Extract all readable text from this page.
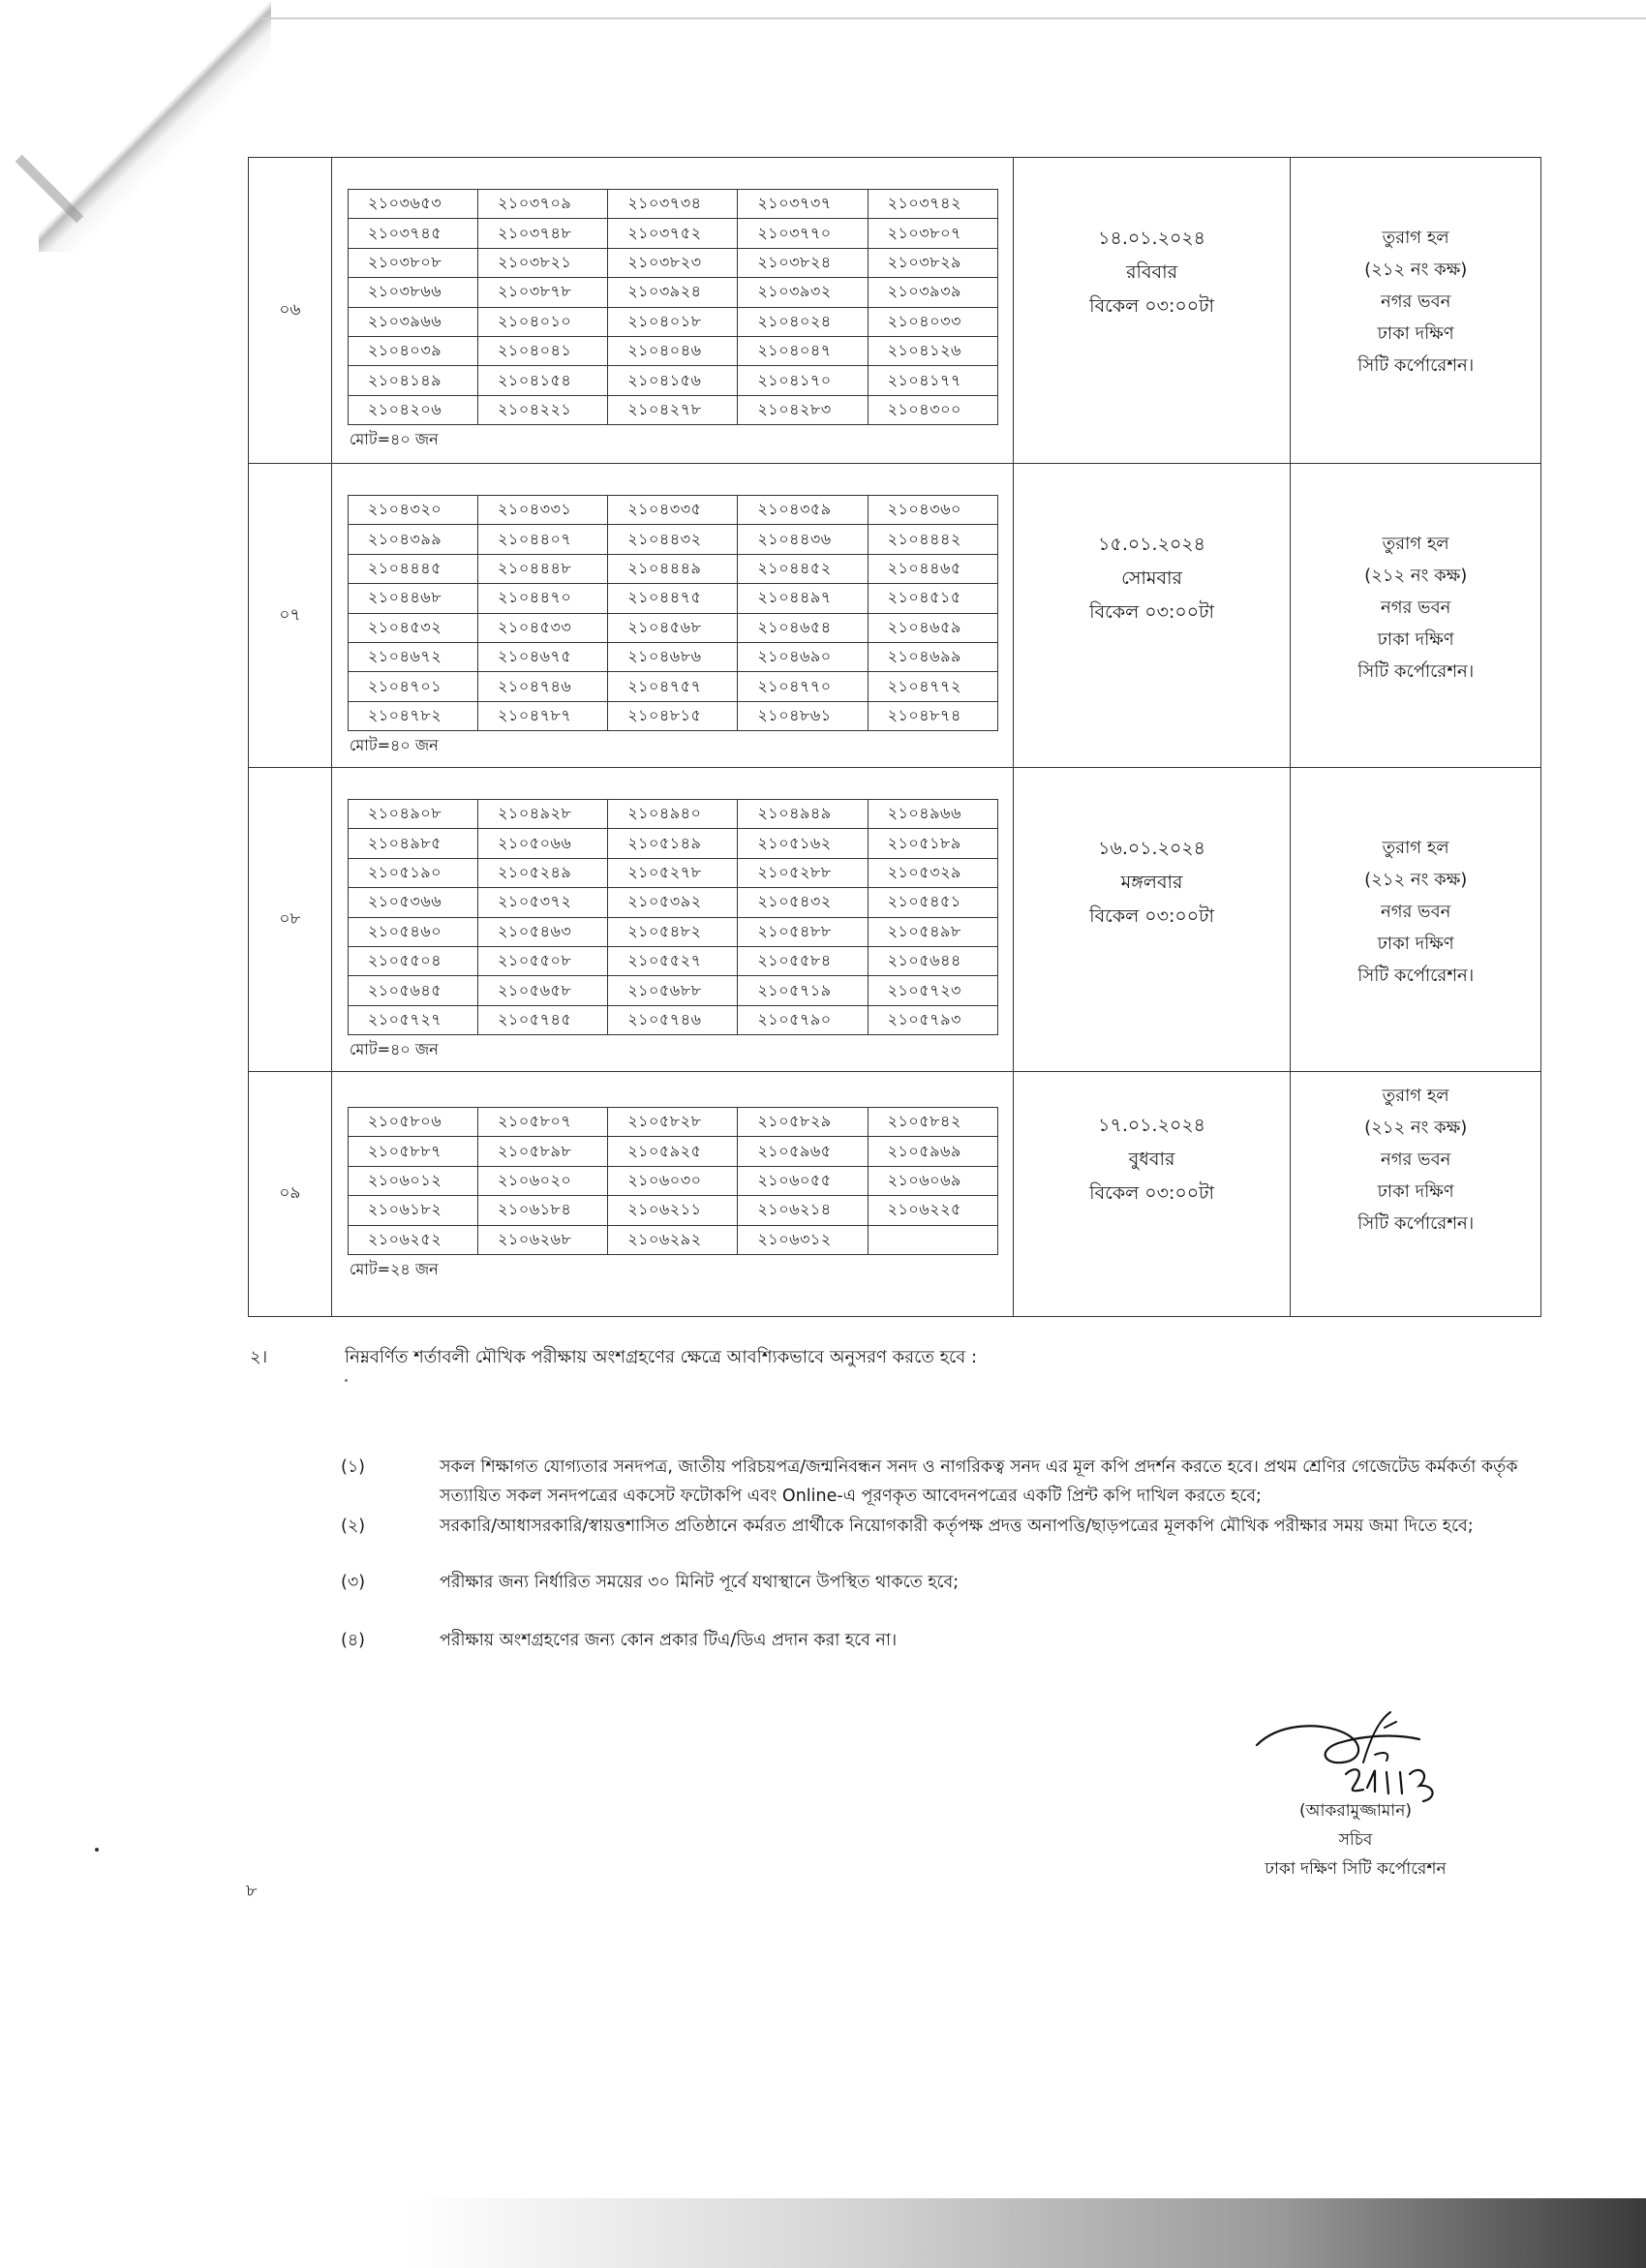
০৬	
২১০৩৬৫৩	২১০৩৭০৯	২১০৩৭৩৪	২১০৩৭৩৭	২১০৩৭৪২
২১০৩৭৪৫	২১০৩৭৪৮	২১০৩৭৫২	২১০৩৭৭০	২১০৩৮০৭
২১০৩৮০৮	২১০৩৮২১	২১০৩৮২৩	২১০৩৮২৪	২১০৩৮২৯
২১০৩৮৬৬	২১০৩৮৭৮	২১০৩৯২৪	২১০৩৯৩২	২১০৩৯৩৯
২১০৩৯৬৬	২১০৪০১০	২১০৪০১৮	২১০৪০২৪	২১০৪০৩৩
২১০৪০৩৯	২১০৪০৪১	২১০৪০৪৬	২১০৪০৪৭	২১০৪১২৬
২১০৪১৪৯	২১০৪১৫৪	২১০৪১৫৬	২১০৪১৭০	২১০৪১৭৭
২১০৪২০৬	২১০৪২২১	২১০৪২৭৮	২১০৪২৮৩	২১০৪৩০০
মোট=৪০ জন

১৪.০১.২০২৪
রবিবার
বিকেল ০৩:০০টা

তুরাগ হল
(২১২ নং কক্ষ)
নগর ভবন
ঢাকা দক্ষিণ
সিটি কর্পোরেশন।

০৭	
২১০৪৩২০	২১০৪৩৩১	২১০৪৩৩৫	২১০৪৩৫৯	২১০৪৩৬০
২১০৪৩৯৯	২১০৪৪০৭	২১০৪৪৩২	২১০৪৪৩৬	২১০৪৪৪২
২১০৪৪৪৫	২১০৪৪৪৮	২১০৪৪৪৯	২১০৪৪৫২	২১০৪৪৬৫
২১০৪৪৬৮	২১০৪৪৭০	২১০৪৪৭৫	২১০৪৪৯৭	২১০৪৫১৫
২১০৪৫৩২	২১০৪৫৩৩	২১০৪৫৬৮	২১০৪৬৫৪	২১০৪৬৫৯
২১০৪৬৭২	২১০৪৬৭৫	২১০৪৬৮৬	২১০৪৬৯০	২১০৪৬৯৯
২১০৪৭০১	২১০৪৭৪৬	২১০৪৭৫৭	২১০৪৭৭০	২১০৪৭৭২
২১০৪৭৮২	২১০৪৭৮৭	২১০৪৮১৫	২১০৪৮৬১	২১০৪৮৭৪
মোট=৪০ জন

১৫.০১.২০২৪
সোমবার
বিকেল ০৩:০০টা

তুরাগ হল
(২১২ নং কক্ষ)
নগর ভবন
ঢাকা দক্ষিণ
সিটি কর্পোরেশন।

০৮	
২১০৪৯০৮	২১০৪৯২৮	২১০৪৯৪০	২১০৪৯৪৯	২১০৪৯৬৬
২১০৪৯৮৫	২১০৫০৬৬	২১০৫১৪৯	২১০৫১৬২	২১০৫১৮৯
২১০৫১৯০	২১০৫২৪৯	২১০৫২৭৮	২১০৫২৮৮	২১০৫৩২৯
২১০৫৩৬৬	২১০৫৩৭২	২১০৫৩৯২	২১০৫৪৩২	২১০৫৪৫১
২১০৫৪৬০	২১০৫৪৬৩	২১০৫৪৮২	২১০৫৪৮৮	২১০৫৪৯৮
২১০৫৫০৪	২১০৫৫০৮	২১০৫৫২৭	২১০৫৫৮৪	২১০৫৬৪৪
২১০৫৬৪৫	২১০৫৬৫৮	২১০৫৬৮৮	২১০৫৭১৯	২১০৫৭২৩
২১০৫৭২৭	২১০৫৭৪৫	২১০৫৭৪৬	২১০৫৭৯০	২১০৫৭৯৩
মোট=৪০ জন

১৬.০১.২০২৪
মঙ্গলবার
বিকেল ০৩:০০টা

তুরাগ হল
(২১২ নং কক্ষ)
নগর ভবন
ঢাকা দক্ষিণ
সিটি কর্পোরেশন।

০৯	
২১০৫৮০৬	২১০৫৮০৭	২১০৫৮২৮	২১০৫৮২৯	২১০৫৮৪২
২১০৫৮৮৭	২১০৫৮৯৮	২১০৫৯২৫	২১০৫৯৬৫	২১০৫৯৬৯
২১০৬০১২	২১০৬০২০	২১০৬০৩০	২১০৬০৫৫	২১০৬০৬৯
২১০৬১৮২	২১০৬১৮৪	২১০৬২১১	২১০৬২১৪	২১০৬২২৫
২১০৬২৫২	২১০৬২৬৮	২১০৬২৯২	২১০৬৩১২	
মোট=২৪ জন

১৭.০১.২০২৪
বুধবার
বিকেল ০৩:০০টা

তুরাগ হল
(২১২ নং কক্ষ)
নগর ভবন
ঢাকা দক্ষিণ
সিটি কর্পোরেশন।
২।	নিম্নবর্ণিত শর্তাবলী মৌখিক পরীক্ষায় অংশগ্রহণের ক্ষেত্রে আবশ্যিকভাবে অনুসরণ করতে হবে :
(১)	সকল শিক্ষাগত যোগ্যতার সনদপত্র, জাতীয় পরিচয়পত্র/জন্মনিবন্ধন সনদ ও নাগরিকত্ব সনদ এর মূল কপি প্রদর্শন করতে হবে। প্রথম শ্রেণির গেজেটেড কর্মকর্তা কর্তৃক সত্যায়িত সকল সনদপত্রের একসেট ফটোকপি এবং Online-এ পূরণকৃত আবেদনপত্রের একটি প্রিন্ট কপি দাখিল করতে হবে;
(২)	সরকারি/আধাসরকারি/স্বায়ত্তশাসিত প্রতিষ্ঠানে কর্মরত প্রার্থীকে নিয়োগকারী কর্তৃপক্ষ প্রদত্ত অনাপত্তি/ছাড়পত্রের মূলকপি মৌখিক পরীক্ষার সময় জমা দিতে হবে;
(৩)	পরীক্ষার জন্য নির্ধারিত সময়ের ৩০ মিনিট পূর্বে যথাস্থানে উপস্থিত থাকতে হবে;
(৪)	পরীক্ষায় অংশগ্রহণের জন্য কোন প্রকার টিএ/ডিএ প্রদান করা হবে না।
(আকরামুজ্জামান)
সচিব
ঢাকা দক্ষিণ সিটি কর্পোরেশন
৮
